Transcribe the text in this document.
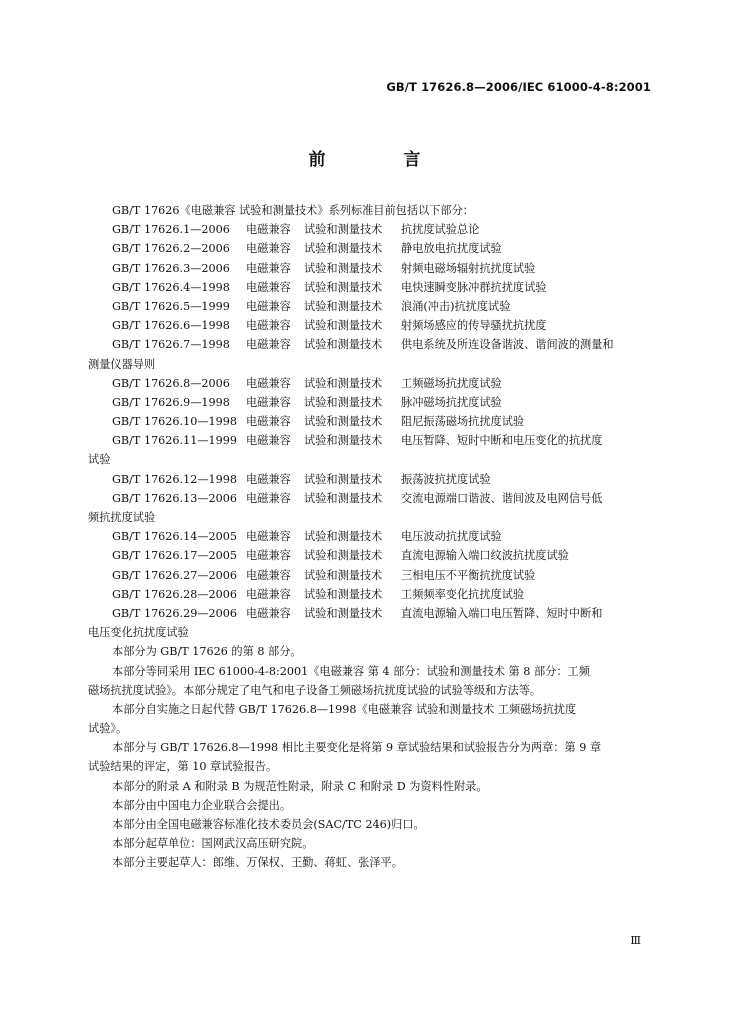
GB/T 17626.8—2006/IEC 61000-4-8:2001
前 言
GB/T 17626《电磁兼容 试验和测量技术》系列标准目前包括以下部分：
GB/T 17626.1—2006	电磁兼容	试验和测量技术	抗扰度试验总论
GB/T 17626.2—2006	电磁兼容	试验和测量技术	静电放电抗扰度试验
GB/T 17626.3—2006	电磁兼容	试验和测量技术	射频电磁场辐射抗扰度试验
GB/T 17626.4—1998	电磁兼容	试验和测量技术	电快速瞬变脉冲群抗扰度试验
GB/T 17626.5—1999	电磁兼容	试验和测量技术	浪涌(冲击)抗扰度试验
GB/T 17626.6—1998	电磁兼容	试验和测量技术	射频场感应的传导骚扰抗扰度
GB/T 17626.7—1998	电磁兼容	试验和测量技术	供电系统及所连设备谐波、谐间波的测量和
测量仪器导则
GB/T 17626.8—2006	电磁兼容	试验和测量技术	工频磁场抗扰度试验
GB/T 17626.9—1998	电磁兼容	试验和测量技术	脉冲磁场抗扰度试验
GB/T 17626.10—1998 电磁兼容	试验和测量技术	阻尼振荡磁场抗扰度试验
GB/T 17626.11—1999 电磁兼容	试验和测量技术	电压暂降、短时中断和电压变化的抗扰度
试验
GB/T 17626.12—1998 电磁兼容	试验和测量技术	振荡波抗扰度试验
GB/T 17626.13—2006 电磁兼容	试验和测量技术	交流电源端口谐波、谐间波及电网信号低
频抗扰度试验
GB/T 17626.14—2005 电磁兼容	试验和测量技术	电压波动抗扰度试验
GB/T 17626.17—2005 电磁兼容	试验和测量技术	直流电源输入端口纹波抗扰度试验
GB/T 17626.27—2006 电磁兼容	试验和测量技术	三相电压不平衡抗扰度试验
GB/T 17626.28—2006 电磁兼容	试验和测量技术	工频频率变化抗扰度试验
GB/T 17626.29—2006 电磁兼容	试验和测量技术	直流电源输入端口电压暂降、短时中断和
电压变化抗扰度试验
本部分为 GB/T 17626 的第 8 部分。
本部分等同采用 IEC 61000-4-8:2001《电磁兼容 第 4 部分：试验和测量技术 第 8 部分：工频
磁场抗扰度试验》。本部分规定了电气和电子设备工频磁场抗扰度试验的试验等级和方法等。
本部分自实施之日起代替 GB/T 17626.8—1998《电磁兼容 试验和测量技术 工频磁场抗扰度
试验》。
本部分与 GB/T 17626.8—1998 相比主要变化是将第 9 章试验结果和试验报告分为两章：第 9 章
试验结果的评定，第 10 章试验报告。
本部分的附录 A 和附录 B 为规范性附录，附录 C 和附录 D 为资料性附录。
本部分由中国电力企业联合会提出。
本部分由全国电磁兼容标准化技术委员会(SAC/TC 246)归口。
本部分起草单位：国网武汉高压研究院。
本部分主要起草人：郎维、万保权、王勤、蒋虹、张泽平。
Ⅲ
